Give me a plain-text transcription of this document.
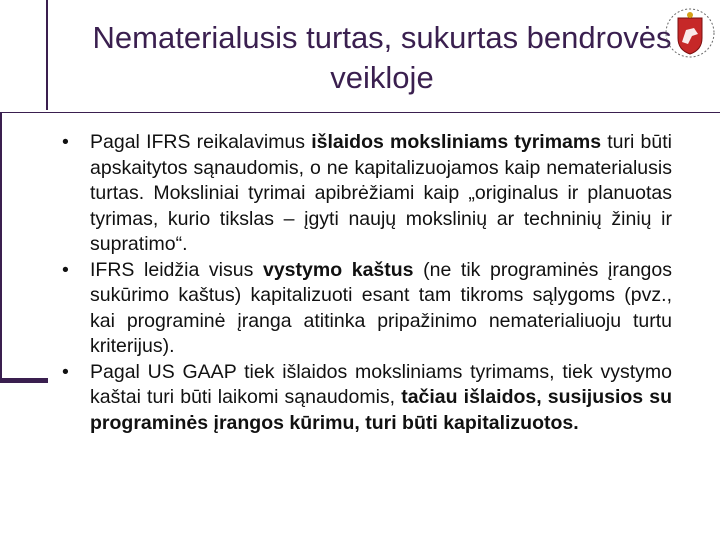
Nematerialusis turtas, sukurtas bendrovės veikloje

• Pagal IFRS reikalavimus išlaidos moksliniams tyrimams turi būti apskaitytos sąnaudomis, o ne kapitalizuojamos kaip nematerialusis turtas. Moksliniai tyrimai apibrėžiami kaip „originalus ir planuotas tyrimas, kurio tikslas – įgyti naujų mokslinių ar techninių žinių ir supratimo“.

• IFRS leidžia visus vystymo kaštus (ne tik programinės įrangos sukūrimo kaštus) kapitalizuoti esant tam tikroms sąlygoms (pvz., kai programinė įranga atitinka pripažinimo nematerialiuoju turtu kriterijus).

• Pagal US GAAP tiek išlaidos moksliniams tyrimams, tiek vystymo kaštai turi būti laikomi sąnaudomis, tačiau išlaidos, susijusios su programinės įrangos kūrimu, turi būti kapitalizuotos.
